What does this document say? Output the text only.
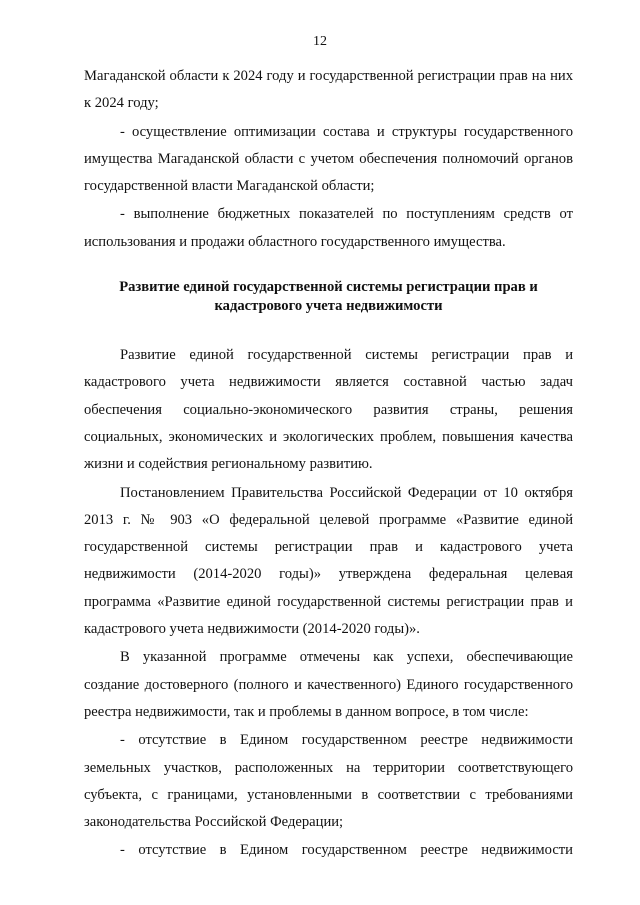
12

Магаданской области к 2024 году и государственной регистрации прав на них к 2024 году;

- осуществление оптимизации состава и структуры государственного имущества Магаданской области с учетом обеспечения полномочий органов государственной власти Магаданской области;

- выполнение бюджетных показателей по поступлениям средств от использования и продажи областного государственного имущества.

Развитие единой государственной системы регистрации прав и кадастрового учета недвижимости

Развитие единой государственной системы регистрации прав и кадастрового учета недвижимости является составной частью задач обеспечения социально-экономического развития страны, решения социальных, экономических и экологических проблем, повышения качества жизни и содействия региональному развитию.

Постановлением Правительства Российской Федерации от 10 октября 2013 г. № 903 «О федеральной целевой программе «Развитие единой государственной системы регистрации прав и кадастрового учета недвижимости (2014-2020 годы)» утверждена федеральная целевая программа «Развитие единой государственной системы регистрации прав и кадастрового учета недвижимости (2014-2020 годы)».

В указанной программе отмечены как успехи, обеспечивающие создание достоверного (полного и качественного) Единого государственного реестра недвижимости, так и проблемы в данном вопросе, в том числе:

- отсутствие в Едином государственном реестре недвижимости земельных участков, расположенных на территории соответствующего субъекта, с границами, установленными в соответствии с требованиями законодательства Российской Федерации;

- отсутствие в Едином государственном реестре недвижимости
